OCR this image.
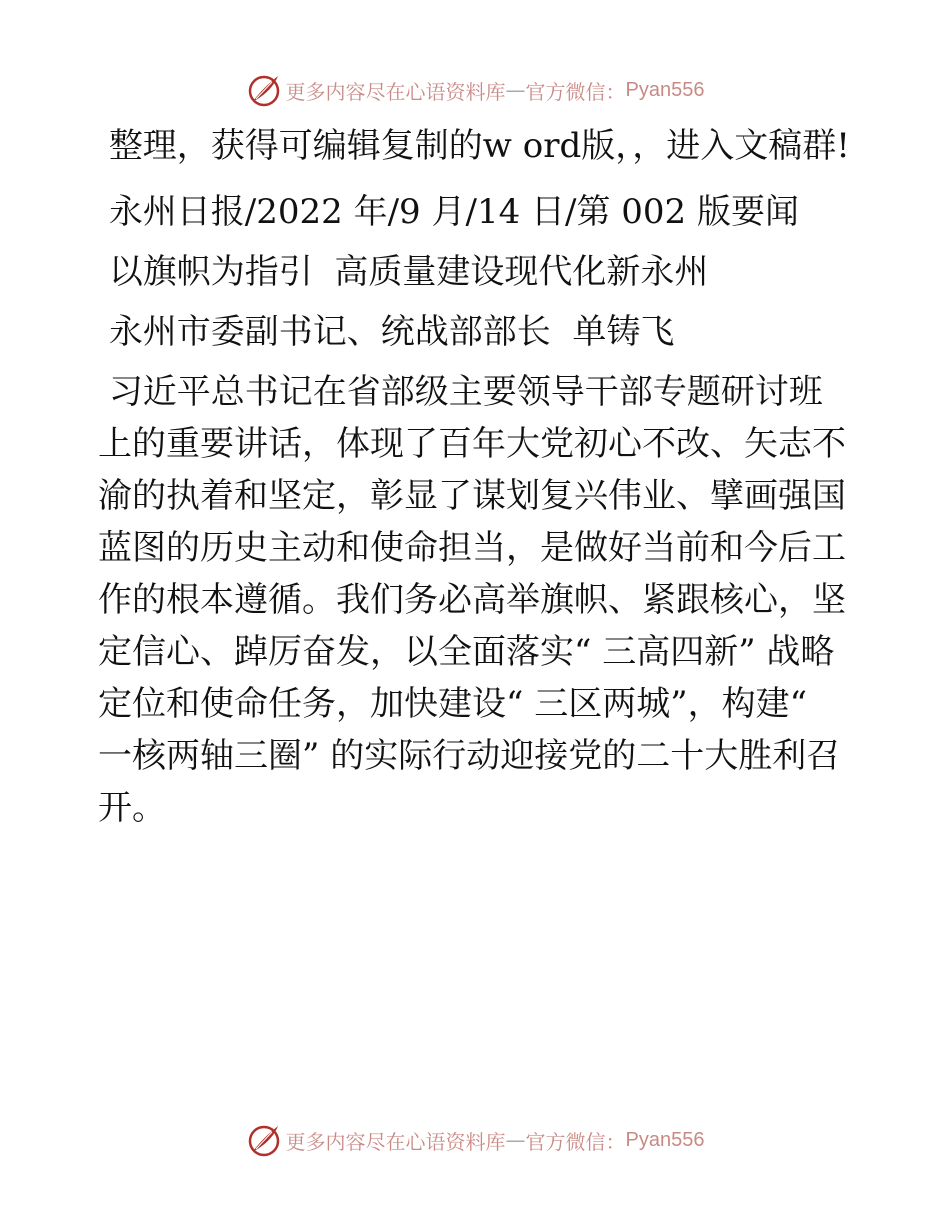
更多内容尽在心语资料库 — 官方微信： Pyan556

整理，获得可编辑复制的w ord版，，进入文稿群!

永州日报/2022 年/9 月/14 日/第 002 版要闻

以旗帜为指引  高质量建设现代化新永州

永州市委副书记、统战部部长  单铸飞

习近平总书记在省部级主要领导干部专题研讨班上的重要讲话，体现了百年大党初心不改、矢志不渝的执着和坚定，彰显了谋划复兴伟业、擘画强国蓝图的历史主动和使命担当，是做好当前和今后工作的根本遵循。我们务必高举旗帜、紧跟核心，坚定信心、踔厉奋发，以全面落实“ 三高四新” 战略定位和使命任务，加快建设“ 三区两城”，构建“ 一核两轴三圈” 的实际行动迎接党的二十大胜利召开。

更多内容尽在心语资料库 — 官方微信： Pyan556
